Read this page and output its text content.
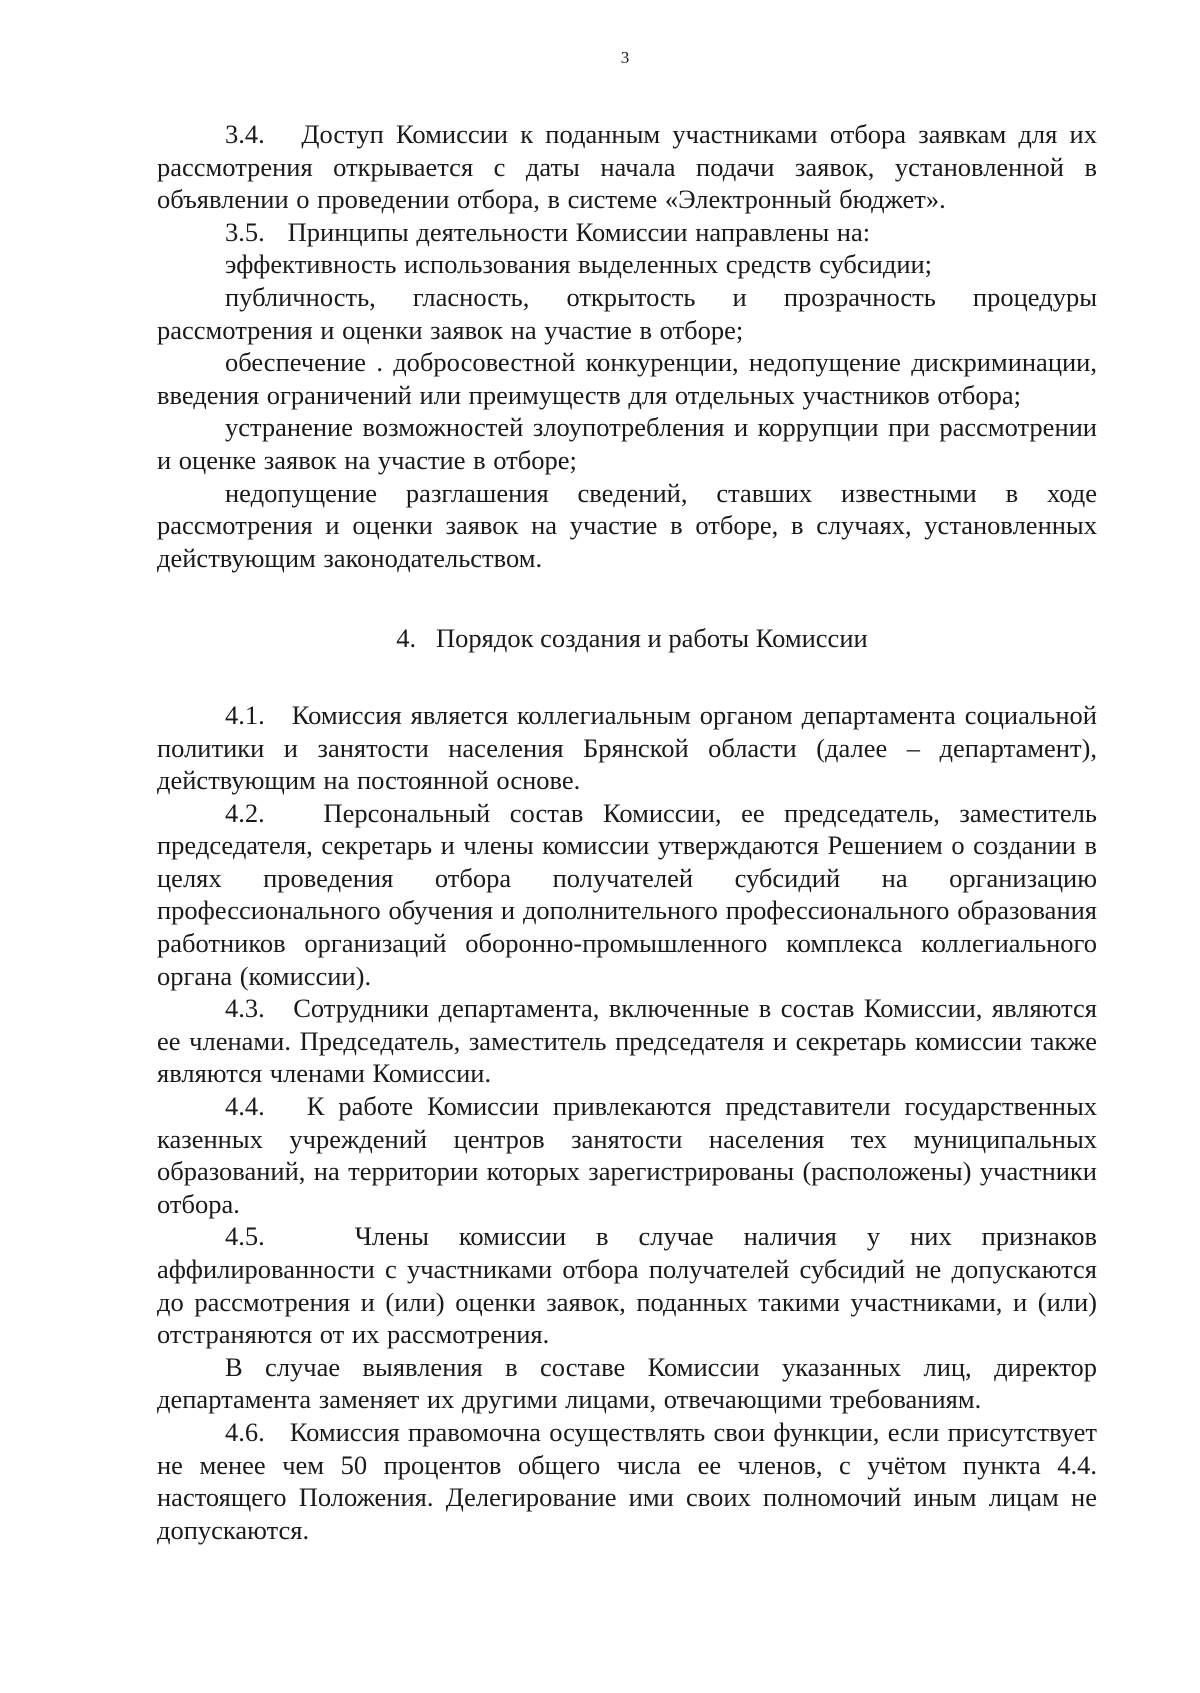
3

3.4.   Доступ Комиссии к поданным участниками отбора заявкам для их рассмотрения открывается с даты начала подачи заявок, установленной в объявлении о проведении отбора, в системе «Электронный бюджет».

3.5.   Принципы деятельности Комиссии направлены на:

эффективность использования выделенных средств субсидии;

публичность, гласность, открытость и прозрачность процедуры рассмотрения и оценки заявок на участие в отборе;

обеспечение . добросовестной конкуренции, недопущение дискриминации, введения ограничений или преимуществ для отдельных участников отбора;

устранение возможностей злоупотребления и коррупции при рассмотрении и оценке заявок на участие в отборе;

недопущение разглашения сведений, ставших известными в ходе рассмотрения и оценки заявок на участие в отборе, в случаях, установленных действующим законодательством.

4.   Порядок создания и работы Комиссии

4.1.   Комиссия является коллегиальным органом департамента социальной политики и занятости населения Брянской области (далее – департамент), действующим на постоянной основе.

4.2.   Персональный состав Комиссии, ее председатель, заместитель председателя, секретарь и члены комиссии утверждаются Решением о создании в целях проведения отбора получателей субсидий на организацию профессионального обучения и дополнительного профессионального образования работников организаций оборонно-промышленного комплекса коллегиального органа (комиссии).

4.3.   Сотрудники департамента, включенные в состав Комиссии, являются ее членами. Председатель, заместитель председателя и секретарь комиссии также являются членами Комиссии.

4.4.   К работе Комиссии привлекаются представители государственных казенных учреждений центров занятости населения тех муниципальных образований, на территории которых зарегистрированы (расположены) участники отбора.

4.5.   Члены комиссии в случае наличия у них признаков аффилированности с участниками отбора получателей субсидий не допускаются до рассмотрения и (или) оценки заявок, поданных такими участниками, и (или) отстраняются от их рассмотрения.

В случае выявления в составе Комиссии указанных лиц, директор департамента заменяет их другими лицами, отвечающими требованиям.

4.6.   Комиссия правомочна осуществлять свои функции, если присутствует не менее чем 50 процентов общего числа ее членов, с учётом пункта 4.4. настоящего Положения. Делегирование ими своих полномочий иным лицам не допускаются.
